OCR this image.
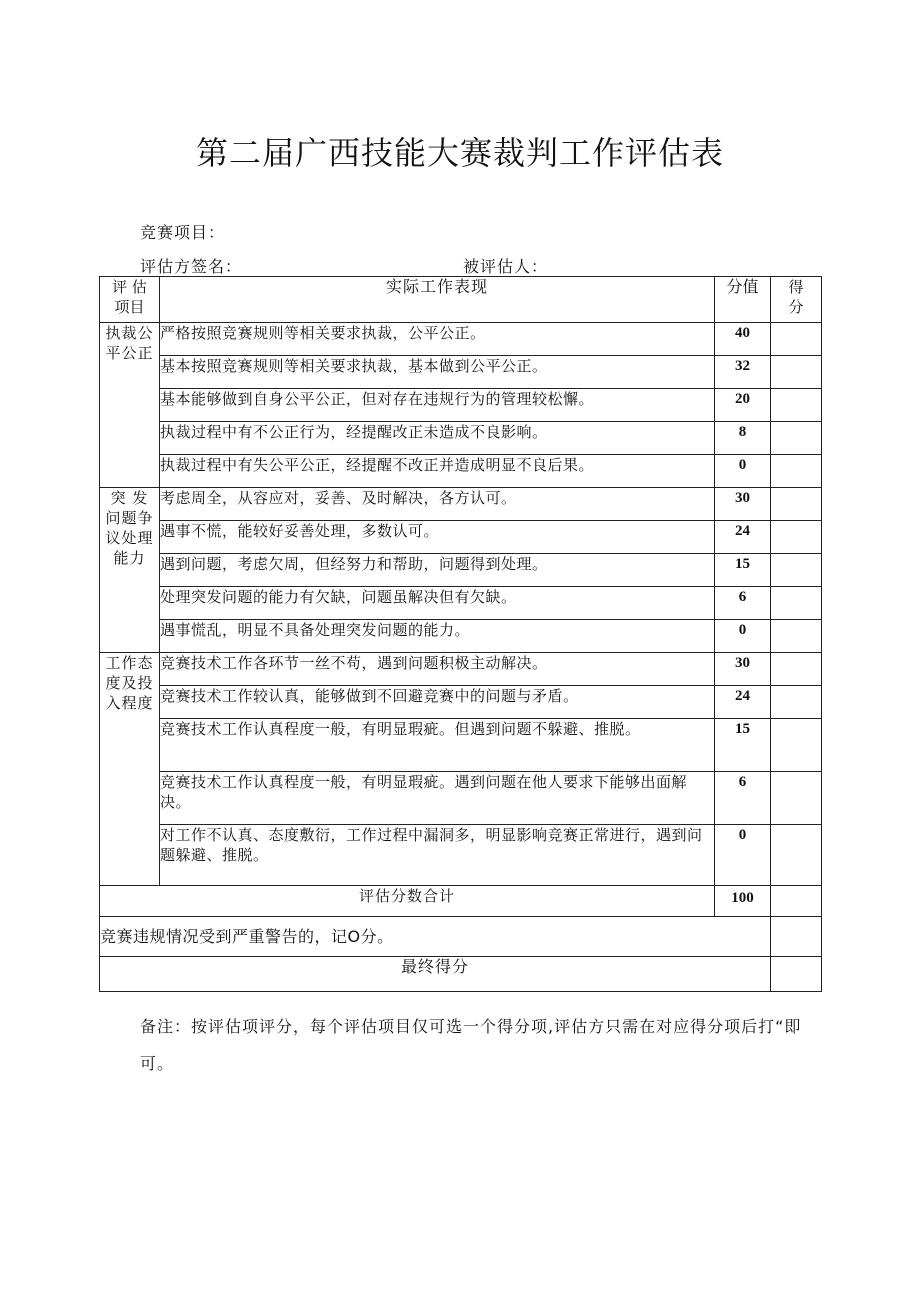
第二届广西技能大赛裁判工作评估表
竞赛项目：
评估方签名：	被评估人：
评 估
项目	实际工作表现	分值	得
分
执裁公
平公正	严格按照竞赛规则等相关要求执裁，公平公正。	40	
	基本按照竞赛规则等相关要求执裁，基本做到公平公正。	32	
	基本能够做到自身公平公正，但对存在违规行为的管理较松懈。	20	
	执裁过程中有不公正行为，经提醒改正未造成不良影响。	8	
	执裁过程中有失公平公正，经提醒不改正并造成明显不良后果。	0	
突 发
问题争
议处理
能力	考虑周全，从容应对，妥善、及时解决，各方认可。	30	
	遇事不慌，能较好妥善处理，多数认可。	24	
	遇到问题，考虑欠周，但经努力和帮助，问题得到处理。	15	
	处理突发问题的能力有欠缺，问题虽解决但有欠缺。	6	
	遇事慌乱，明显不具备处理突发问题的能力。	0	
工作态
度及投
入程度	竞赛技术工作各环节一丝不苟，遇到问题积极主动解决。	30	
	竞赛技术工作较认真，能够做到不回避竞赛中的问题与矛盾。	24	
	竞赛技术工作认真程度一般，有明显瑕疵。但遇到问题不躲避、推脱。	15	
	竞赛技术工作认真程度一般，有明显瑕疵。遇到问题在他人要求下能够出面解决。	6	
	对工作不认真、态度敷衍，工作过程中漏洞多，明显影响竞赛正常进行，遇到问题躲避、推脱。	0	
评估分数合计		100	
竞赛违规情况受到严重警告的，记O分。			
最终得分			
备注：按评估项评分，每个评估项目仅可选一个得分项,评估方只需在对应得分项后打“即可。
